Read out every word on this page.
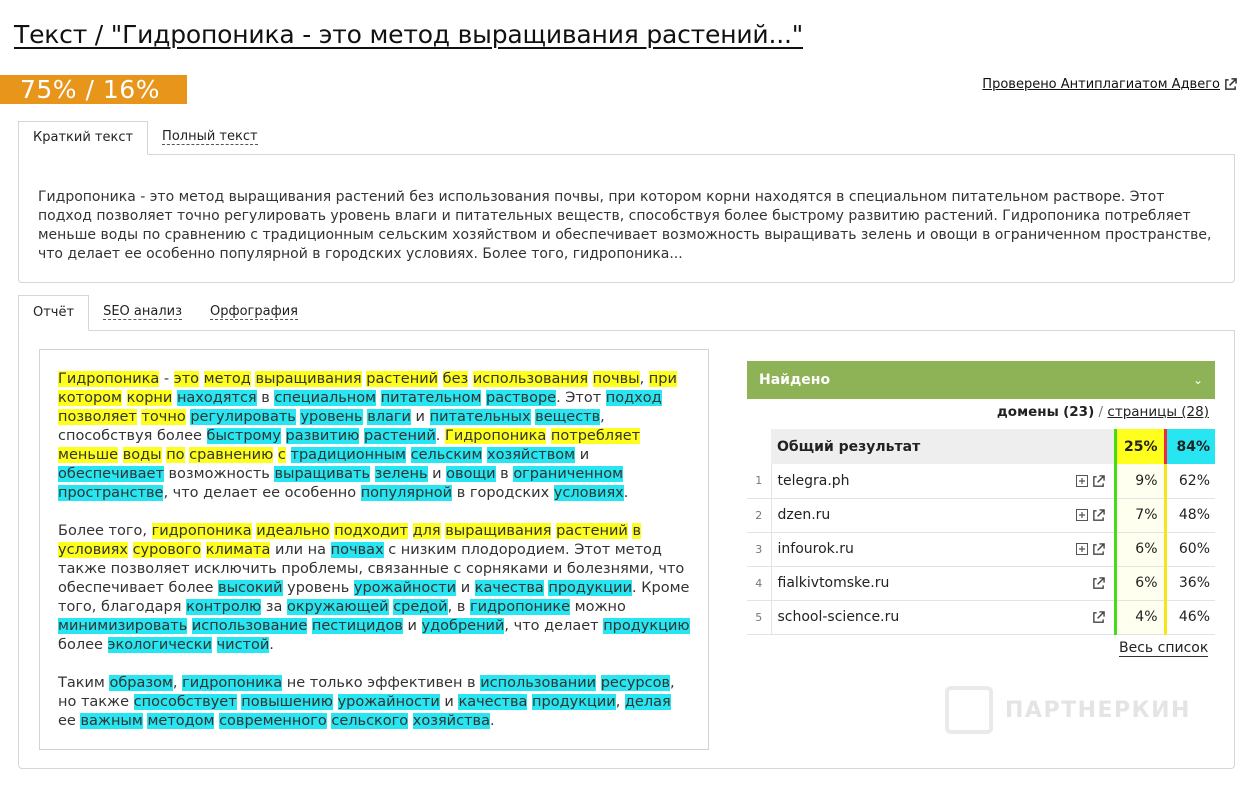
Текст / "Гидропоника - это метод выращивания растений..."
75% / 16%	Проверено Антиплагиатом Адвего
Краткий текст	Полный текст
Гидропоника - это метод выращивания растений без использования почвы, при котором корни находятся в специальном питательном растворе. Этот подход позволяет точно регулировать уровень влаги и питательных веществ, способствуя более быстрому развитию растений. Гидропоника потребляет меньше воды по сравнению с традиционным сельским хозяйством и обеспечивает возможность выращивать зелень и овощи в ограниченном пространстве, что делает ее особенно популярной в городских условиях. Более того, гидропоника...
Отчёт	SEO анализ	Орфография

Гидропоника - это метод выращивания растений без использования почвы, при котором корни находятся в специальном питательном растворе. Этот подход позволяет точно регулировать уровень влаги и питательных веществ, способствуя более быстрому развитию растений. Гидропоника потребляет меньше воды по сравнению с традиционным сельским хозяйством и обеспечивает возможность выращивать зелень и овощи в ограниченном пространстве, что делает ее особенно популярной в городских условиях.

Более того, гидропоника идеально подходит для выращивания растений в условиях сурового климата или на почвах с низким плодородием. Этот метод также позволяет исключить проблемы, связанные с сорняками и болезнями, что обеспечивает более высокий уровень урожайности и качества продукции. Кроме того, благодаря контролю за окружающей средой, в гидропонике можно минимизировать использование пестицидов и удобрений, что делает продукцию более экологически чистой.

Таким образом, гидропоника не только эффективен в использовании ресурсов, но также способствует повышению урожайности и качества продукции, делая ее важным методом современного сельского хозяйства.

Найдено	⌄
домены (23) / страницы (28)
	Общий результат		25%	84%
1	telegra.ph		9%	62%
2	dzen.ru		7%	48%
3	infourok.ru		6%	60%
4	fialkivtomske.ru		6%	36%
5	school-science.ru		4%	46%
Весь список
ПАРТНЕРКИН
